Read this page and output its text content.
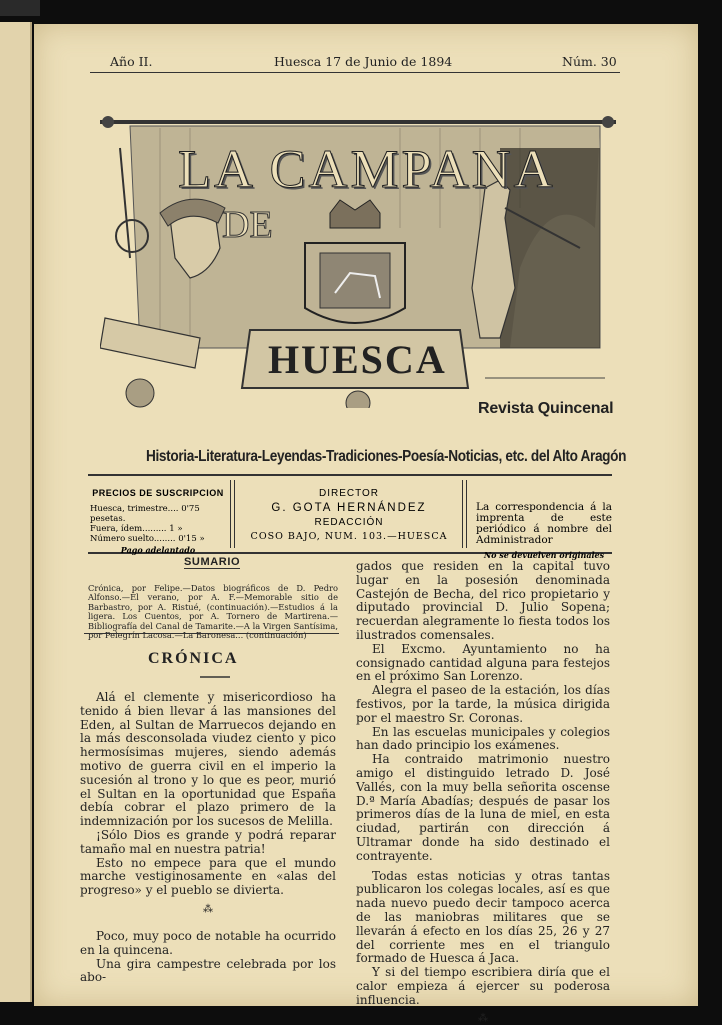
Año II.	Huesca 17 de Junio de 1894	Núm. 30
LA CAMPANA
DE
HUESCA
Revista Quincenal
Historia-Literatura-Leyendas-Tradiciones-Poesía-Noticias, etc. del Alto Aragón
PRECIOS DE SUSCRIPCION
Huesca, trimestre.... 0'75 pesetas.
Fuera, ídem......... 1 »
Número suelto........ 0'15 »
Pago adelantado
DIRECTOR
G. GOTA HERNÁNDEZ
REDACCIÓN
COSO BAJO, NUM. 103.—HUESCA
La correspondencia á la imprenta de este periódico á nombre del Administrador
No se devuelven originales
SUMARIO
Crónica, por Felipe.—Datos biográficos de D. Pedro Alfonso.—El verano, por A. F.—Memorable sitio de Barbastro, por A. Ristué, (continuación).—Estudios á la ligera. Los Cuentos, por A. Tornero de Martirena.—Bibliografía del Canal de Tamarite.—A la Virgen Santísima, por Pelegrín Lacosa.—La Baronesa... (continuación)
CRÓNICA

Alá el clemente y misericordioso ha tenido á bien llevar á las mansiones del Eden, al Sultan de Marruecos dejando en la más desconsolada viudez ciento y pico hermosísimas mujeres, siendo además motivo de guerra civil en el imperio la sucesión al trono y lo que es peor, murió el Sultan en la oportunidad que España debía cobrar el plazo primero de la indemnización por los sucesos de Melilla.

¡Sólo Dios es grande y podrá reparar tamaño mal en nuestra patria!

Esto no empece para que el mundo marche vestiginosamente en «alas del progreso» y el pueblo se divierta.

⁂

Poco, muy poco de notable ha ocurrido en la quincena.

Una gira campestre celebrada por los abo-

gados que residen en la capital tuvo lugar en la posesión denominada Castejón de Becha, del rico propietario y diputado provincial D. Julio Sopena; recuerdan alegramente lo fiesta todos los ilustrados comensales.

El Excmo. Ayuntamiento no ha consignado cantidad alguna para festejos en el próximo San Lorenzo.

Alegra el paseo de la estación, los días festivos, por la tarde, la música dirigida por el maestro Sr. Coronas.

En las escuelas municipales y colegios han dado principio los exámenes.

Ha contraido matrimonio nuestro amigo el distinguido letrado D. José Vallés, con la muy bella señorita oscense D.ª María Abadías; después de pasar los primeros días de la luna de miel, en esta ciudad, partirán con dirección á Ultramar donde ha sido destinado el contrayente.

Todas estas noticias y otras tantas publicaron los colegas locales, así es que nada nuevo puedo decir tampoco acerca de las maniobras militares que se llevarán á efecto en los días 25, 26 y 27 del corriente mes en el triangulo formado de Huesca á Jaca.

Y si del tiempo escribiera diría que el calor empieza á ejercer su poderosa influencia.

⁂
